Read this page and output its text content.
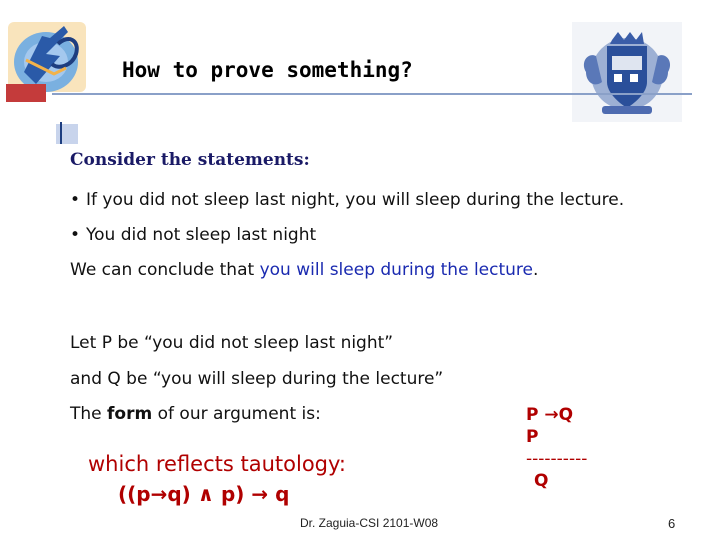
How to prove something?
Consider the statements:
• If you did not sleep last night, you will sleep during the lecture.
• You did not sleep last night
We can conclude that you will sleep during the lecture.
Let P be “you did not sleep last night”
and Q be “you will sleep during the lecture”
The form of our argument is:
which reflects tautology:
((p→q) ∧ p) → q
P →Q
P
----------
Q
Dr. Zaguia-CSI 2101-W08	6
